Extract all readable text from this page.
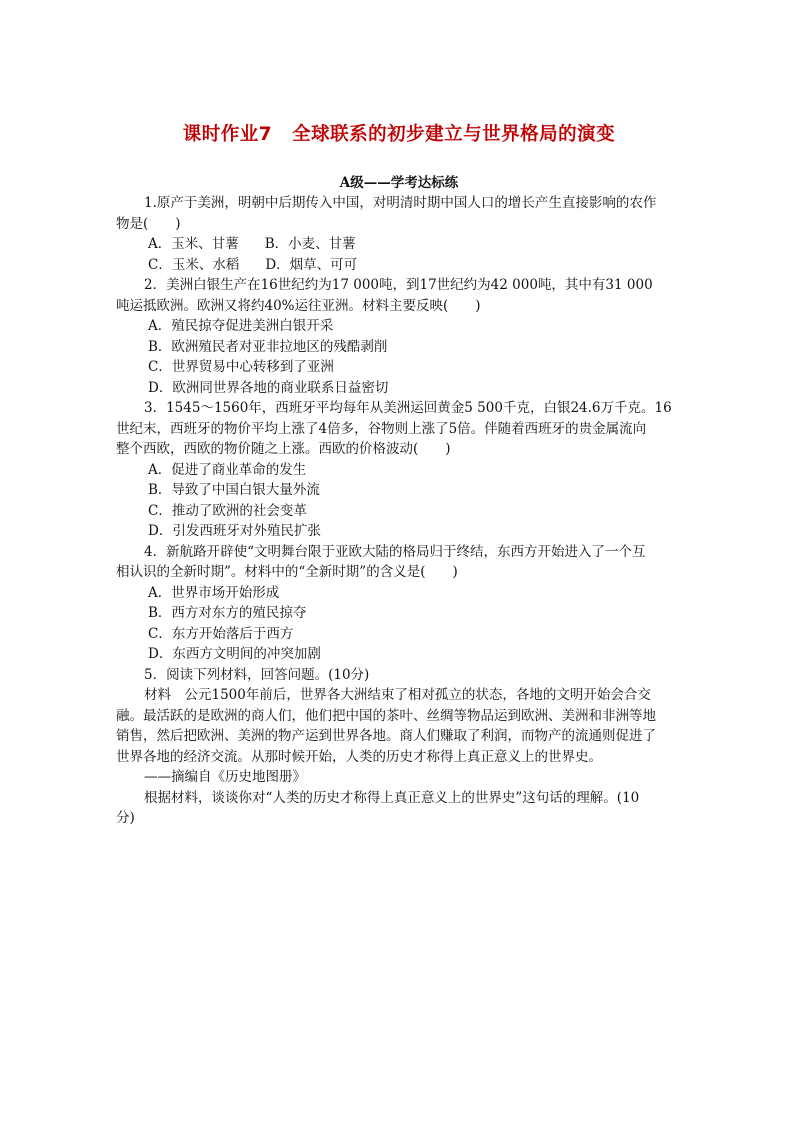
课时作业7 全球联系的初步建立与世界格局的演变
A级——学考达标练
1.原产于美洲，明朝中后期传入中国，对明清时期中国人口的增长产生直接影响的农作
物是(　　)
A．玉米、甘薯 B．小麦、甘薯
C．玉米、水稻 D．烟草、可可
2．美洲白银生产在16世纪约为17 000吨，到17世纪约为42 000吨，其中有31 000
吨运抵欧洲。欧洲又将约40%运往亚洲。材料主要反映(　　)
A．殖民掠夺促进美洲白银开采
B．欧洲殖民者对亚非拉地区的残酷剥削
C．世界贸易中心转移到了亚洲
D．欧洲同世界各地的商业联系日益密切
3．1545～1560年，西班牙平均每年从美洲运回黄金5 500千克，白银24.6万千克。16
世纪末，西班牙的物价平均上涨了4倍多，谷物则上涨了5倍。伴随着西班牙的贵金属流向
整个西欧，西欧的物价随之上涨。西欧的价格波动(　　)
A．促进了商业革命的发生
B．导致了中国白银大量外流
C．推动了欧洲的社会变革
D．引发西班牙对外殖民扩张
4．新航路开辟使“文明舞台限于亚欧大陆的格局归于终结，东西方开始进入了一个互
相认识的全新时期”。材料中的“全新时期”的含义是(　　)
A．世界市场开始形成
B．西方对东方的殖民掠夺
C．东方开始落后于西方
D．东西方文明间的冲突加剧
5．阅读下列材料，回答问题。(10分)
材料　公元1500年前后，世界各大洲结束了相对孤立的状态，各地的文明开始会合交
融。最活跃的是欧洲的商人们，他们把中国的茶叶、丝绸等物品运到欧洲、美洲和非洲等地
销售，然后把欧洲、美洲的物产运到世界各地。商人们赚取了利润，而物产的流通则促进了
世界各地的经济交流。从那时候开始，人类的历史才称得上真正意义上的世界史。
——摘编自《历史地图册》
根据材料，谈谈你对“人类的历史才称得上真正意义上的世界史”这句话的理解。(10
分)
